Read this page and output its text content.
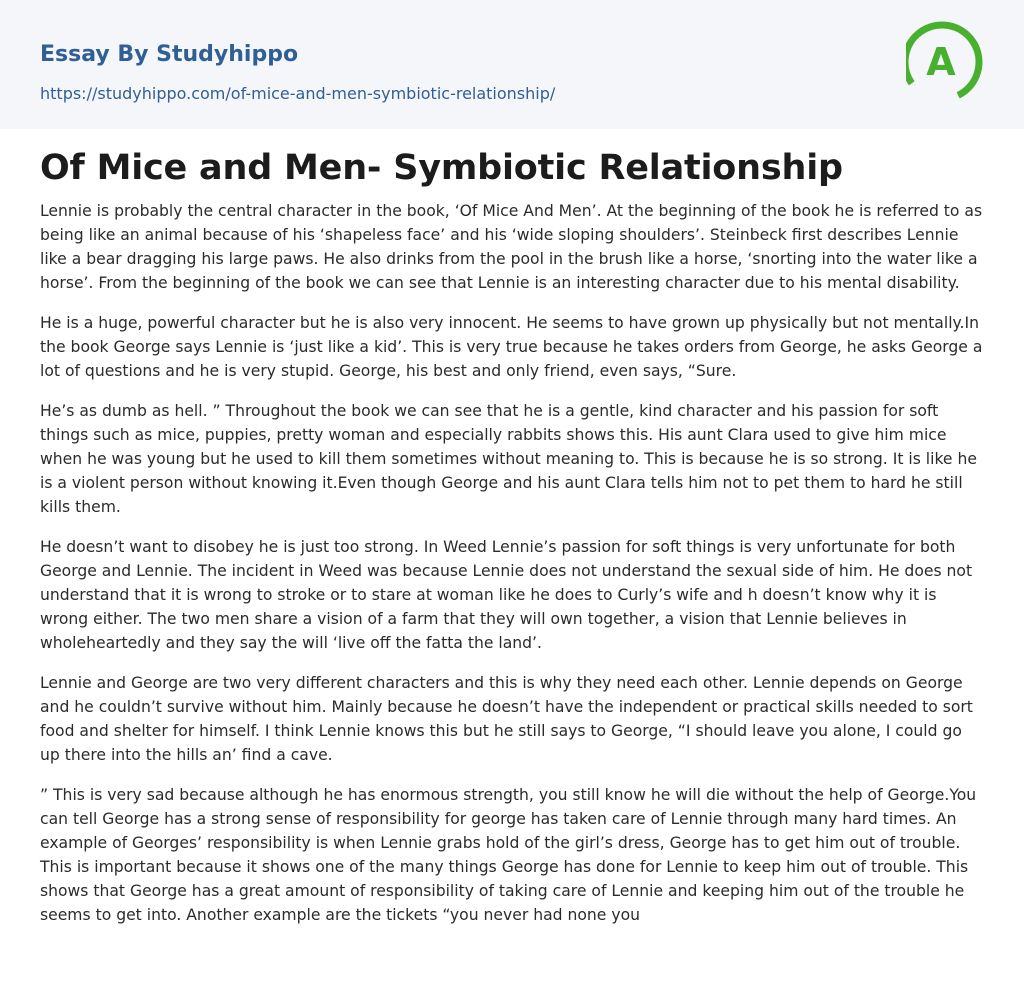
Essay By Studyhippo
https://studyhippo.com/of-mice-and-men-symbiotic-relationship/
A
Of Mice and Men- Symbiotic Relationship

Lennie is probably the central character in the book, ‘Of Mice And Men’. At the beginning of the book he is referred to as being like an animal because of his ‘shapeless face’ and his ‘wide sloping shoulders’. Steinbeck first describes Lennie like a bear dragging his large paws. He also drinks from the pool in the brush like a horse, ‘snorting into the water like a horse’. From the beginning of the book we can see that Lennie is an interesting character due to his mental disability.

He is a huge, powerful character but he is also very innocent. He seems to have grown up physically but not mentally.In the book George says Lennie is ‘just like a kid’. This is very true because he takes orders from George, he asks George a lot of questions and he is very stupid. George, his best and only friend, even says, “Sure.

He’s as dumb as hell. ” Throughout the book we can see that he is a gentle, kind character and his passion for soft things such as mice, puppies, pretty woman and especially rabbits shows this. His aunt Clara used to give him mice when he was young but he used to kill them sometimes without meaning to. This is because he is so strong. It is like he is a violent person without knowing it.Even though George and his aunt Clara tells him not to pet them to hard he still kills them.

He doesn’t want to disobey he is just too strong. In Weed Lennie’s passion for soft things is very unfortunate for both George and Lennie. The incident in Weed was because Lennie does not understand the sexual side of him. He does not understand that it is wrong to stroke or to stare at woman like he does to Curly’s wife and h doesn’t know why it is wrong either. The two men share a vision of a farm that they will own together, a vision that Lennie believes in wholeheartedly and they say the will ‘live off the fatta the land’.

Lennie and George are two very different characters and this is why they need each other. Lennie depends on George and he couldn’t survive without him. Mainly because he doesn’t have the independent or practical skills needed to sort food and shelter for himself. I think Lennie knows this but he still says to George, “I should leave you alone, I could go up there into the hills an’ find a cave.

” This is very sad because although he has enormous strength, you still know he will die without the help of George.You can tell George has a strong sense of responsibility for george has taken care of Lennie through many hard times. An example of Georges’ responsibility is when Lennie grabs hold of the girl’s dress, George has to get him out of trouble. This is important because it shows one of the many things George has done for Lennie to keep him out of trouble. This shows that George has a great amount of responsibility of taking care of Lennie and keeping him out of the trouble he seems to get into. Another example are the tickets “you never had none you
